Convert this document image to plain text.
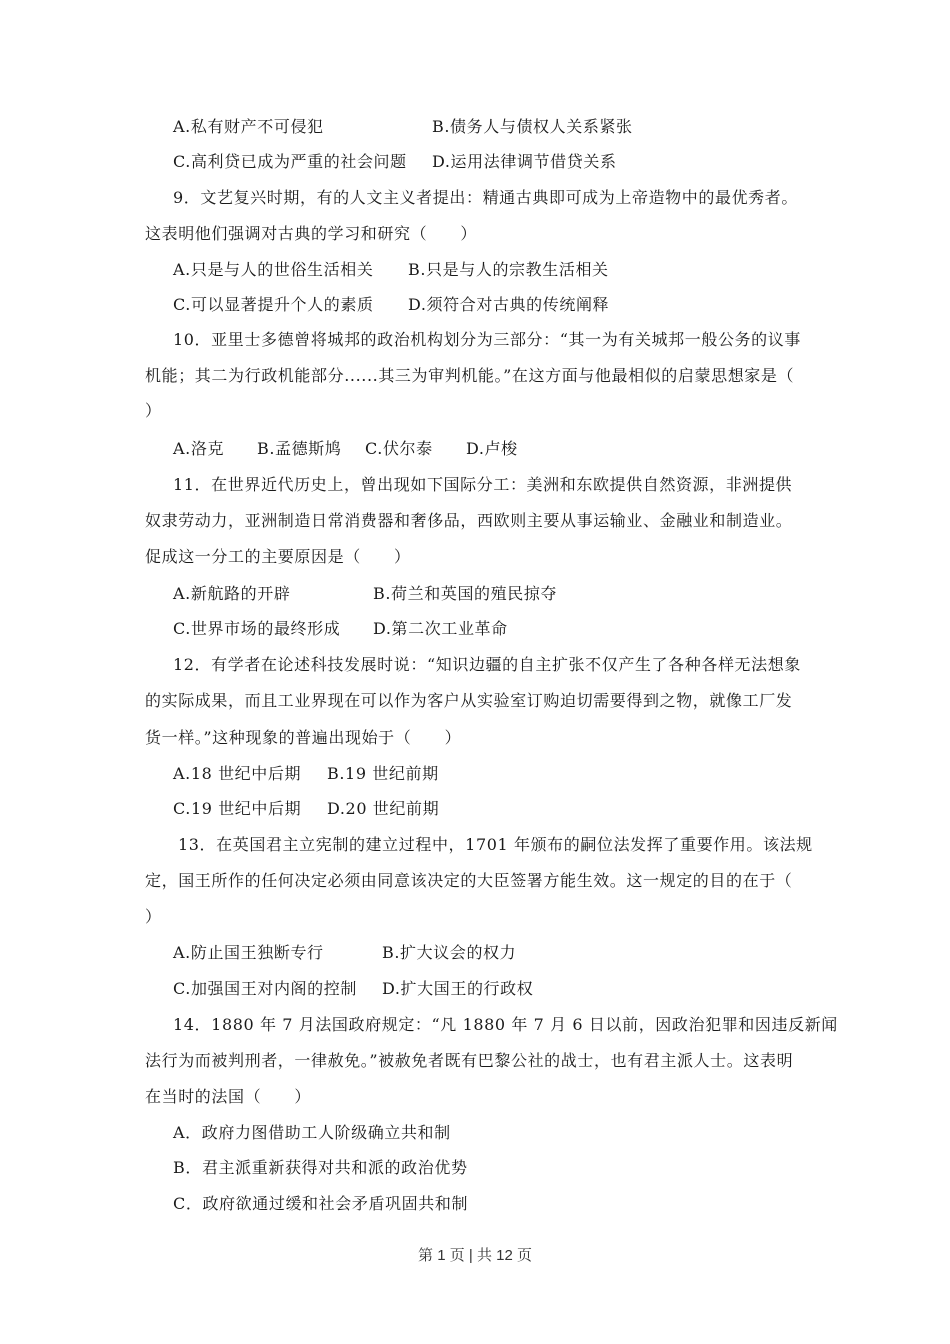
A.私有财产不可侵犯	B.债务人与债权人关系紧张
C.高利贷已成为严重的社会问题 D.运用法律调节借贷关系
9．文艺复兴时期，有的人文主义者提出：精通古典即可成为上帝造物中的最优秀者。
这表明他们强调对古典的学习和研究（　　）
A.只是与人的世俗生活相关 B.只是与人的宗教生活相关
C.可以显著提升个人的素质 D.须符合对古典的传统阐释
10．亚里士多德曾将城邦的政治机构划分为三部分：“其一为有关城邦一般公务的议事
机能；其二为行政机能部分......其三为审判机能。”在这方面与他最相似的启蒙思想家是（
）
A.洛克 B.孟德斯鸠 C.伏尔泰 D.卢梭
11．在世界近代历史上，曾出现如下国际分工：美洲和东欧提供自然资源，非洲提供
奴隶劳动力，亚洲制造日常消费器和奢侈品，西欧则主要从事运输业、金融业和制造业。
促成这一分工的主要原因是（　　）
A.新航路的开辟	B.荷兰和英国的殖民掠夺
C.世界市场的最终形成 D.第二次工业革命
12．有学者在论述科技发展时说：“知识边疆的自主扩张不仅产生了各种各样无法想象
的实际成果，而且工业界现在可以作为客户从实验室订购迫切需要得到之物，就像工厂发
货一样。”这种现象的普遍出现始于（　　）
A.18 世纪中后期 B.19 世纪前期
C.19 世纪中后期 D.20 世纪前期
13．在英国君主立宪制的建立过程中，1701 年颁布的嗣位法发挥了重要作用。该法规
定，国王所作的任何决定必须由同意该决定的大臣签署方能生效。这一规定的目的在于（
）
A.防止国王独断专行	B.扩大议会的权力
C.加强国王对内阁的控制 D.扩大国王的行政权
14．1880 年 7 月法国政府规定：“凡 1880 年 7 月 6 日以前，因政治犯罪和因违反新闻
法行为而被判刑者，一律赦免。”被赦免者既有巴黎公社的战士，也有君主派人士。这表明
在当时的法国（　　）
A．政府力图借助工人阶级确立共和制
B．君主派重新获得对共和派的政治优势
C．政府欲通过缓和社会矛盾巩固共和制
第 1 页 | 共 12 页
